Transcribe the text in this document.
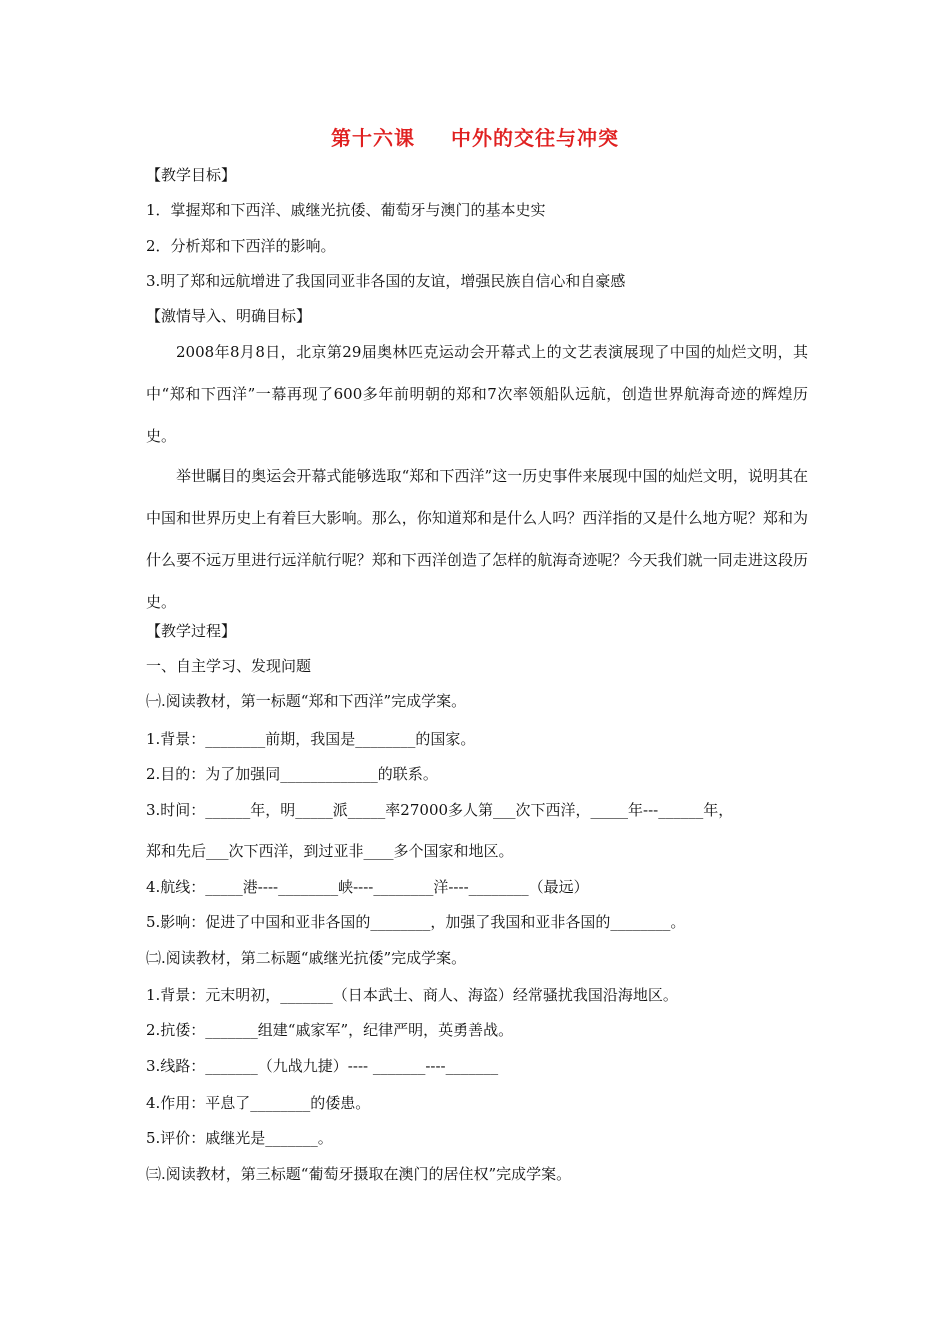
第十六课 中外的交往与冲突
【教学目标】
1．掌握郑和下西洋、戚继光抗倭、葡萄牙与澳门的基本史实
2．分析郑和下西洋的影响。
3.明了郑和远航增进了我国同亚非各国的友谊，增强民族自信心和自豪感
【激情导入、明确目标】
2008年8月8日，北京第29届奥林匹克运动会开幕式上的文艺表演展现了中国的灿烂文明，其中“郑和下西洋”一幕再现了600多年前明朝的郑和7次率领船队远航，创造世界航海奇迹的辉煌历史。
举世瞩目的奥运会开幕式能够选取“郑和下西洋”这一历史事件来展现中国的灿烂文明，说明其在中国和世界历史上有着巨大影响。那么，你知道郑和是什么人吗？西洋指的又是什么地方呢？郑和为什么要不远万里进行远洋航行呢？郑和下西洋创造了怎样的航海奇迹呢？今天我们就一同走进这段历史。
【教学过程】
一、自主学习、发现问题
㈠.阅读教材，第一标题“郑和下西洋”完成学案。
1.背景：________前期，我国是________的国家。
2.目的：为了加强同_____________的联系。
3.时间：______年，明_____派_____率27000多人第___次下西洋，_____年---______年，
郑和先后___次下西洋，到过亚非____多个国家和地区。
4.航线：_____港----________峡----________洋----________（最远）
5.影响：促进了中国和亚非各国的________，加强了我国和亚非各国的________。
㈡.阅读教材，第二标题“戚继光抗倭”完成学案。
1.背景：元末明初，_______（日本武士、商人、海盗）经常骚扰我国沿海地区。
2.抗倭：_______组建“戚家军”，纪律严明，英勇善战。
3.线路：_______（九战九捷）---- _______----_______
4.作用：平息了________的倭患。
5.评价：戚继光是_______。
㈢.阅读教材，第三标题“葡萄牙摄取在澳门的居住权”完成学案。
